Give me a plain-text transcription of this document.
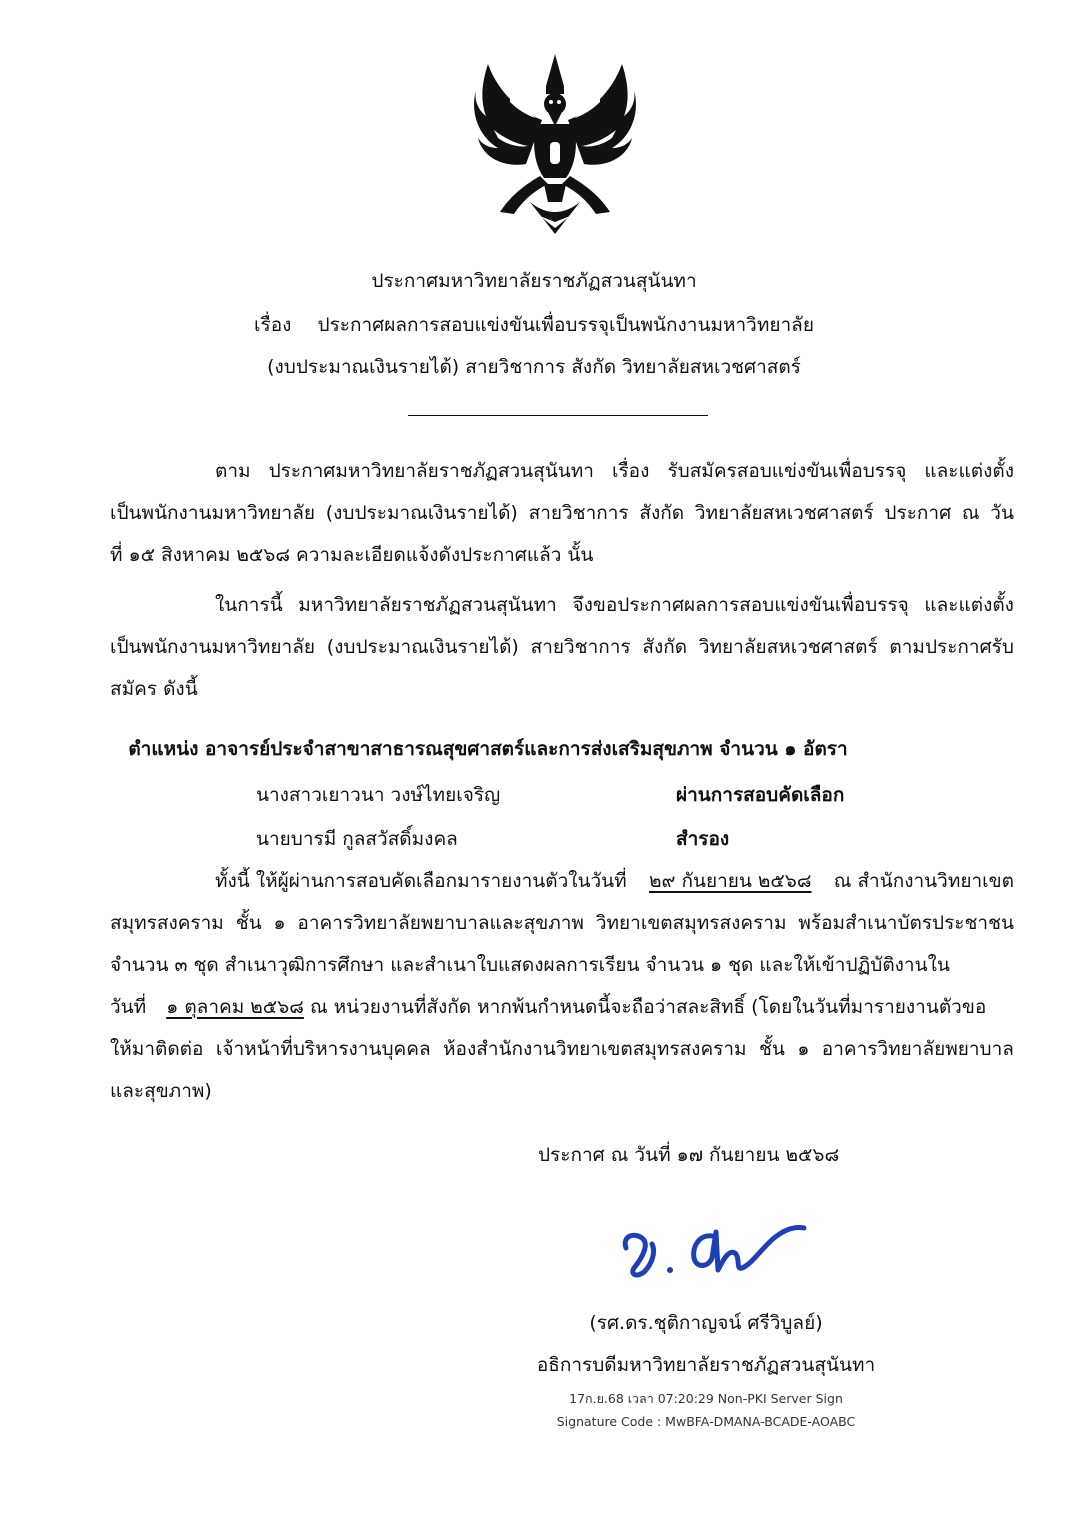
ประกาศมหาวิทยาลัยราชภัฏสวนสุนันทา
เรื่อง ประกาศผลการสอบแข่งขันเพื่อบรรจุเป็นพนักงานมหาวิทยาลัย
(งบประมาณเงินรายได้) สายวิชาการ สังกัด วิทยาลัยสหเวชศาสตร์
ตาม ประกาศมหาวิทยาลัยราชภัฏสวนสุนันทา เรื่อง รับสมัครสอบแข่งขันเพื่อบรรจุ และแต่งตั้ง
เป็นพนักงานมหาวิทยาลัย (งบประมาณเงินรายได้) สายวิชาการ สังกัด วิทยาลัยสหเวชศาสตร์ ประกาศ ณ วัน
ที่ ๑๕ สิงหาคม ๒๕๖๘ ความละเอียดแจ้งดังประกาศแล้ว นั้น
ในการนี้ มหาวิทยาลัยราชภัฏสวนสุนันทา จึงขอประกาศผลการสอบแข่งขันเพื่อบรรจุ และแต่งตั้ง
เป็นพนักงานมหาวิทยาลัย (งบประมาณเงินรายได้) สายวิชาการ สังกัด วิทยาลัยสหเวชศาสตร์ ตามประกาศรับ
สมัคร ดังนี้
ตำแหน่ง อาจารย์ประจำสาขาสาธารณสุขศาสตร์และการส่งเสริมสุขภาพ จำนวน ๑ อัตรา
นางสาวเยาวนา วงษ์ไทยเจริญ	ผ่านการสอบคัดเลือก
นายบารมี กูลสวัสดิ์มงคล	สำรอง
ทั้งนี้ ให้ผู้ผ่านการสอบคัดเลือกมารายงานตัวในวันที่ ๒๙ กันยายน ๒๕๖๘ ณ สำนักงานวิทยาเขต
สมุทรสงคราม ชั้น ๑ อาคารวิทยาลัยพยาบาลและสุขภาพ วิทยาเขตสมุทรสงคราม พร้อมสำเนาบัตรประชาชน
จำนวน ๓ ชุด สำเนาวุฒิการศึกษา และสำเนาใบแสดงผลการเรียน จำนวน ๑ ชุด และให้เข้าปฏิบัติงานใน
วันที่ ๑ ตุลาคม ๒๕๖๘ ณ หน่วยงานที่สังกัด หากพ้นกำหนดนี้จะถือว่าสละสิทธิ์ (โดยในวันที่มารายงานตัวขอ
ให้มาติดต่อ เจ้าหน้าที่บริหารงานบุคคล ห้องสำนักงานวิทยาเขตสมุทรสงคราม ชั้น ๑ อาคารวิทยาลัยพยาบาล
และสุขภาพ)
ประกาศ ณ วันที่ ๑๗ กันยายน ๒๕๖๘
(รศ.ดร.ชุติกาญจน์ ศรีวิบูลย์)
อธิการบดีมหาวิทยาลัยราชภัฏสวนสุนันทา
17ก.ย.68 เวลา 07:20:29 Non-PKI Server Sign
Signature Code : MwBFA-DMANA-BCADE-AOABC
